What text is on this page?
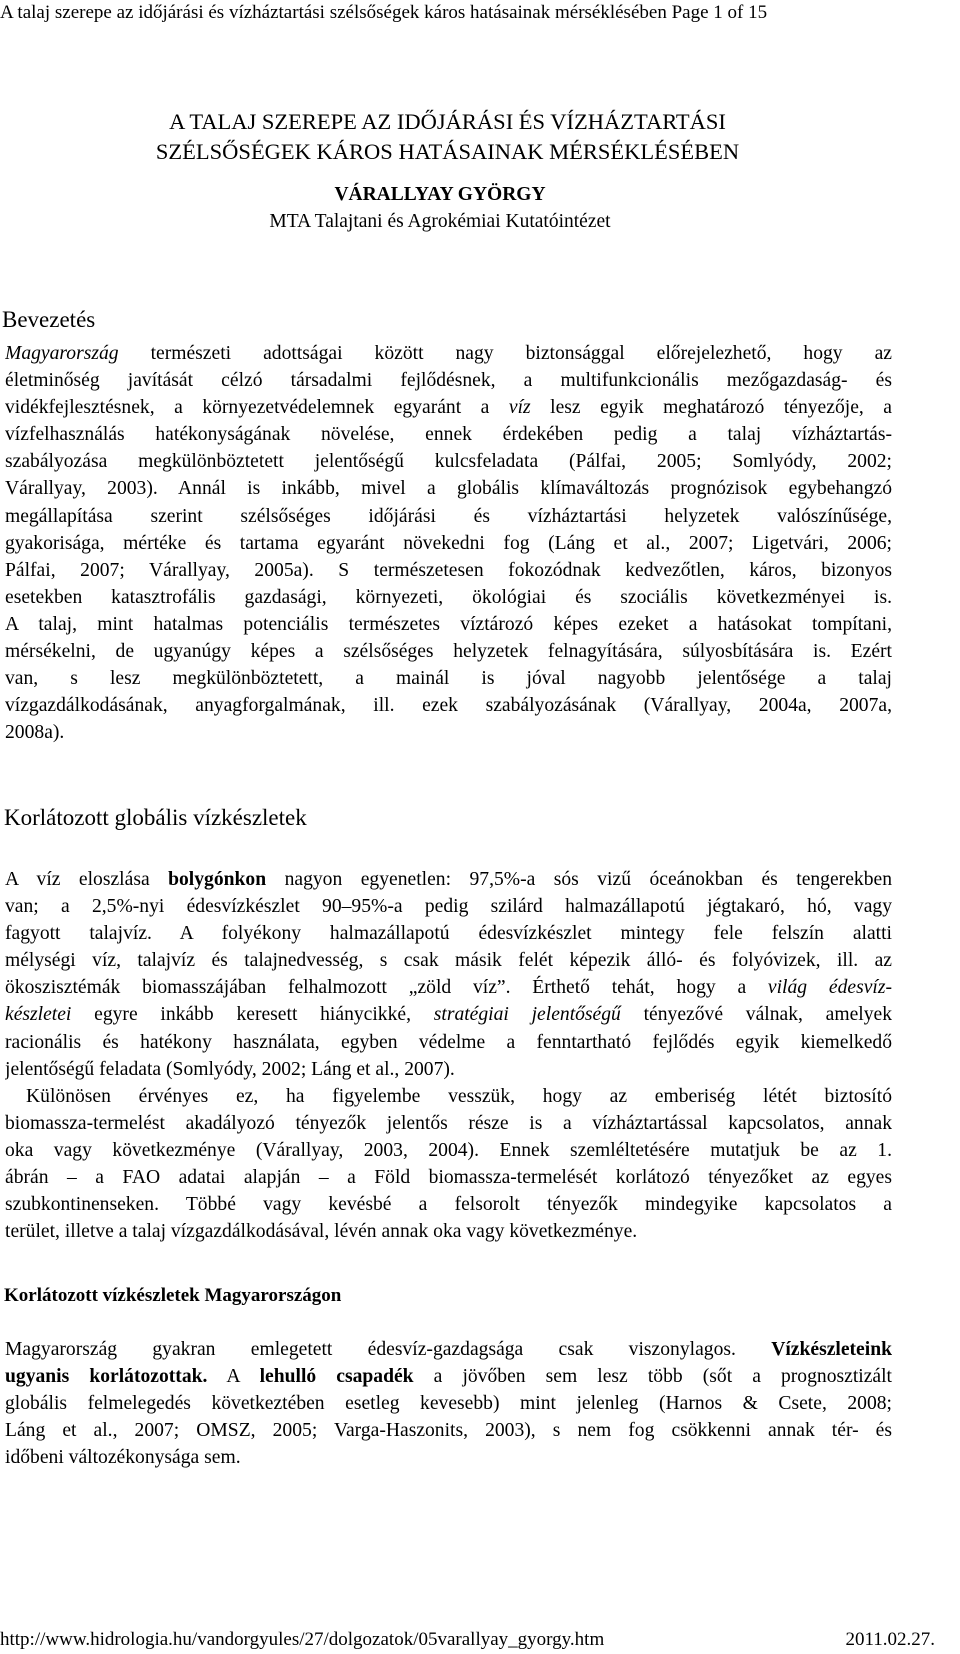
A talaj szerepe az időjárási és vízháztartási szélsőségek káros hatásainak mérséklésében Page 1 of 15
A TALAJ SZEREPE AZ IDŐJÁRÁSI ÉS VÍZHÁZTARTÁSI
SZÉLSŐSÉGEK KÁROS HATÁSAINAK MÉRSÉKLÉSÉBEN
VÁRALLYAY GYÖRGY
MTA Talajtani és Agrokémiai Kutatóintézet
Bevezetés
Magyarország természeti adottságai között nagy biztonsággal előrejelezhető, hogy az
életminőség javítását célzó társadalmi fejlődésnek, a multifunkcionális mezőgazdaság- és
vidékfejlesztésnek, a környezetvédelemnek egyaránt a víz lesz egyik meghatározó tényezője, a
vízfelhasználás hatékonyságának növelése, ennek érdekében pedig a talaj vízháztartás-
szabályozása megkülönböztetett jelentőségű kulcsfeladata (Pálfai, 2005; Somlyódy, 2002;
Várallyay, 2003). Annál is inkább, mivel a globális klímaváltozás prognózisok egybehangzó
megállapítása szerint szélsőséges időjárási és vízháztartási helyzetek valószínűsége,
gyakorisága, mértéke és tartama egyaránt növekedni fog (Láng et al., 2007; Ligetvári, 2006;
Pálfai, 2007; Várallyay, 2005a). S természetesen fokozódnak kedvezőtlen, káros, bizonyos
esetekben katasztrofális gazdasági, környezeti, ökológiai és szociális következményei is.
A talaj, mint hatalmas potenciális természetes víztározó képes ezeket a hatásokat tompítani,
mérsékelni, de ugyanúgy képes a szélsőséges helyzetek felnagyítására, súlyosbítására is. Ezért
van, s lesz megkülönböztetett, a mainál is jóval nagyobb jelentősége a talaj
vízgazdálkodásának, anyagforgalmának, ill. ezek szabályozásának (Várallyay, 2004a, 2007a,
2008a).
Korlátozott globális vízkészletek
A víz eloszlása bolygónkon nagyon egyenetlen: 97,5%-a sós vizű óceánokban és tengerekben
van; a 2,5%-nyi édesvízkészlet 90–95%-a pedig szilárd halmazállapotú jégtakaró, hó, vagy
fagyott talajvíz. A folyékony halmazállapotú édesvízkészlet mintegy fele felszín alatti
mélységi víz, talajvíz és talajnedvesség, s csak másik felét képezik álló- és folyóvizek, ill. az
ökoszisztémák biomasszájában felhalmozott „zöld víz”. Érthető tehát, hogy a világ édesvíz-
készletei egyre inkább keresett hiánycikké, stratégiai jelentőségű tényezővé válnak, amelyek
racionális és hatékony használata, egyben védelme a fenntartható fejlődés egyik kiemelkedő
jelentőségű feladata (Somlyódy, 2002; Láng et al., 2007).
Különösen érvényes ez, ha figyelembe vesszük, hogy az emberiség létét biztosító
biomassza-termelést akadályozó tényezők jelentős része is a vízháztartással kapcsolatos, annak
oka vagy következménye (Várallyay, 2003, 2004). Ennek szemléltetésére mutatjuk be az 1.
ábrán – a FAO adatai alapján – a Föld biomassza-termelését korlátozó tényezőket az egyes
szubkontinenseken. Többé vagy kevésbé a felsorolt tényezők mindegyike kapcsolatos a
terület, illetve a talaj vízgazdálkodásával, lévén annak oka vagy következménye.
Korlátozott vízkészletek Magyarországon
Magyarország gyakran emlegetett édesvíz-gazdagsága csak viszonylagos. Vízkészleteink
ugyanis korlátozottak. A lehulló csapadék a jövőben sem lesz több (sőt a prognosztizált
globális felmelegedés következtében esetleg kevesebb) mint jelenleg (Harnos & Csete, 2008;
Láng et al., 2007; OMSZ, 2005; Varga-Haszonits, 2003), s nem fog csökkenni annak tér- és
időbeni változékonysága sem.
http://www.hidrologia.hu/vandorgyules/27/dolgozatok/05varallyay_gyorgy.htm	2011.02.27.
